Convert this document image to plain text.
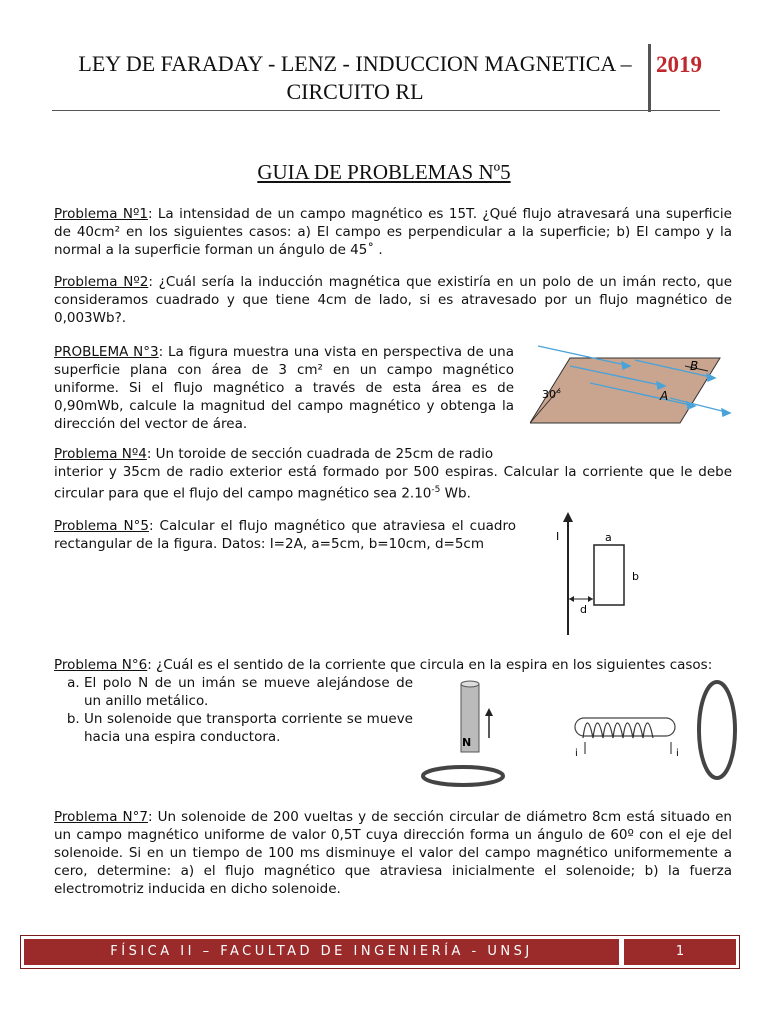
LEY DE FARADAY - LENZ - INDUCCION MAGNETICA –
CIRCUITO RL
2019
GUIA DE PROBLEMAS Nº5
Problema Nº1: La intensidad de un campo magnético es 15T. ¿Qué flujo atravesará una superficie de 40cm² en los siguientes casos: a) El campo es perpendicular a la superficie; b) El campo y la normal a la superficie forman un ángulo de 45˚ .
Problema Nº2: ¿Cuál sería la inducción magnética que existiría en un polo de un imán recto, que consideramos cuadrado y que tiene 4cm de lado, si es atravesado por un flujo magnético de 0,003Wb?.
PROBLEMA N°3: La figura muestra una vista en perspectiva de una superficie plana con área de 3 cm² en un campo magnético uniforme. Si el flujo magnético a través de esta área es de 0,90mWb, calcule la magnitud del campo magnético y obtenga la dirección del vector de área.
B
A
30°
Problema Nº4: Un toroide de sección cuadrada de 25cm de radio
interior y 35cm de radio exterior está formado por 500 espiras. Calcular la corriente que le debe circular para que el flujo del campo magnético sea $2.10^{-5}$ Wb.
Problema N°5: Calcular el flujo magnético que atraviesa el cuadro rectangular de la figura. Datos: I=2A, a=5cm, b=10cm, d=5cm	I	a
b
d
Problema N°6: ¿Cuál es el sentido de la corriente que circula en la espira en los siguientes casos:
a. El polo N de un imán se mueve alejándose de un anillo metálico.
b. Un solenoide que transporta corriente se mueve hacia una espira conductora.	N
i	i
Problema N°7: Un solenoide de 200 vueltas y de sección circular de diámetro 8cm está situado en un campo magnético uniforme de valor 0,5T cuya dirección forma un ángulo de 60º con el eje del solenoide. Si en un tiempo de 100 ms disminuye el valor del campo magnético uniformemente a cero, determine: a) el flujo magnético que atraviesa inicialmente el solenoide; b) la fuerza electromotriz inducida en dicho solenoide.
FÍSICA II – FACULTAD DE INGENIERÍA - UNSJ	1
